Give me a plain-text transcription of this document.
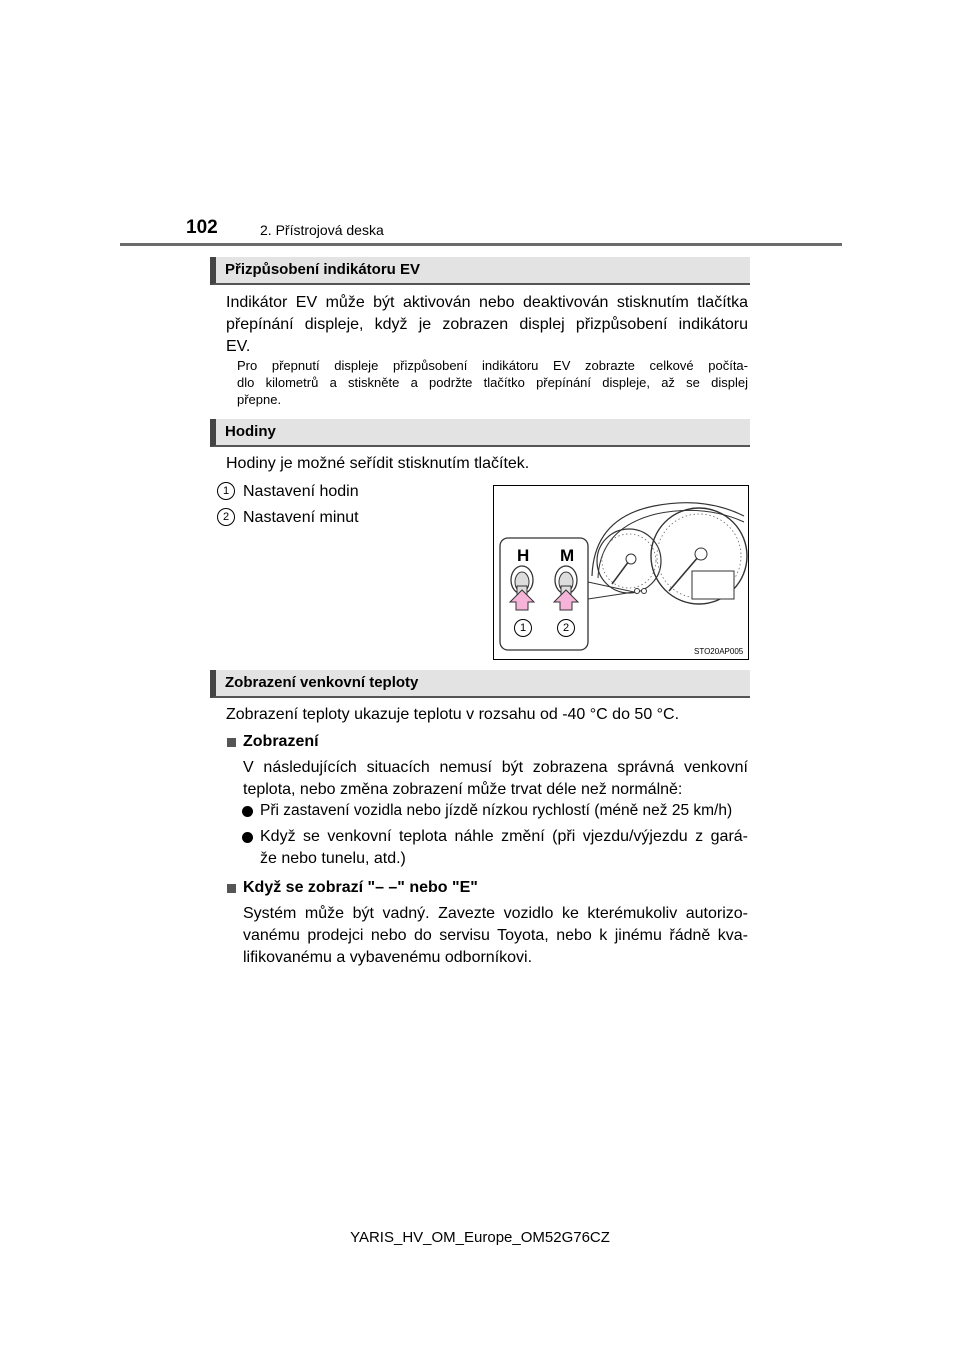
102	2. Přístrojová deska
Přizpůsobení indikátoru EV
Indikátor EV může být aktivován nebo deaktivován stisknutím tlačítka
přepínání displeje, když je zobrazen displej přizpůsobení indikátoru
EV.
Pro přepnutí displeje přizpůsobení indikátoru EV zobrazte celkové počíta-
dlo kilometrů a stiskněte a podržte tlačítko přepínání displeje, až se displej
přepne.
Hodiny
Hodiny je možné seřídit stisknutím tlačítek.
1 Nastavení hodin
2 Nastavení minut
H M
1	2
STO20AP005
Zobrazení venkovní teploty
Zobrazení teploty ukazuje teplotu v rozsahu od -40 °C do 50 °C.
Zobrazení
V následujících situacích nemusí být zobrazena správná venkovní
teplota, nebo změna zobrazení může trvat déle než normálně:
Při zastavení vozidla nebo jízdě nízkou rychlostí (méně než 25 km/h)
Když se venkovní teplota náhle změní (při vjezdu/výjezdu z gará-
že nebo tunelu, atd.)
Když se zobrazí "– –" nebo "E"
Systém může být vadný. Zavezte vozidlo ke kterémukoliv autorizo-
vanému prodejci nebo do servisu Toyota, nebo k jinému řádně kva-
lifikovanému a vybavenému odborníkovi.
YARIS_HV_OM_Europe_OM52G76CZ
